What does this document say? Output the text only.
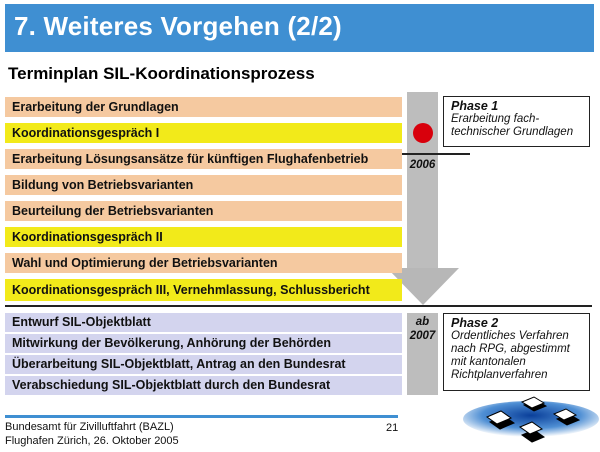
7. Weiteres Vorgehen (2/2)
Terminplan SIL-Koordinationsprozess
2006
Erarbeitung der Grundlagen
Koordinationsgespräch I
Erarbeitung Lösungsansätze für künftigen Flughafenbetrieb
Bildung von Betriebsvarianten
Beurteilung der Betriebsvarianten
Koordinationsgespräch II
Wahl und Optimierung der Betriebsvarianten
Koordinationsgespräch III, Vernehmlassung, Schlussbericht
Phase 1
Erarbeitung fach-
technischer Grundlagen
ab
2007
Entwurf SIL-Objektblatt
Mitwirkung der Bevölkerung, Anhörung der Behörden
Überarbeitung SIL-Objektblatt, Antrag an den Bundesrat
Verabschiedung SIL-Objektblatt durch den Bundesrat
Phase 2
Ordentliches Verfahren
nach RPG, abgestimmt
mit kantonalen
Richtplanverfahren
Bundesamt für Zivilluftfahrt (BAZL)
Flughafen Zürich, 26. Oktober 2005
21
